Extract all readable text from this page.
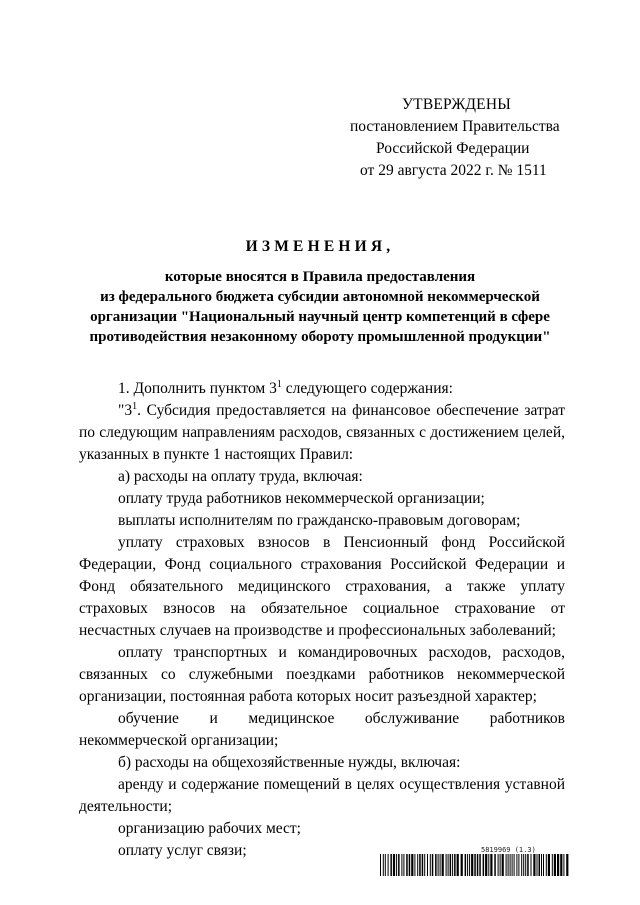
УТВЕРЖДЕНЫ
постановлением Правительства
Российской Федерации
от 29 августа 2022 г. № 1511
ИЗМЕНЕНИЯ,
которые вносятся в Правила предоставления
из федерального бюджета субсидии автономной некоммерческой
организации "Национальный научный центр компетенций в сфере
противодействия незаконному обороту промышленной продукции"

1. Дополнить пунктом $3^1$ следующего содержания:

"$3^1$. Субсидия предоставляется на финансовое обеспечение затрат по следующим направлениям расходов, связанных с достижением целей, указанных в пункте 1 настоящих Правил:

а) расходы на оплату труда, включая:

оплату труда работников некоммерческой организации;

выплаты исполнителям по гражданско-правовым договорам;

уплату страховых взносов в Пенсионный фонд Российской Федерации, Фонд социального страхования Российской Федерации и Фонд обязательного медицинского страхования, а также уплату страховых взносов на обязательное социальное страхование от несчастных случаев на производстве и профессиональных заболеваний;

оплату транспортных и командировочных расходов, расходов, связанных со служебными поездками работников некоммерческой организации, постоянная работа которых носит разъездной характер;

обучение и медицинское обслуживание работников некоммерческой организации;

б) расходы на общехозяйственные нужды, включая:

аренду и содержание помещений в целях осуществления уставной деятельности;

организацию рабочих мест;

оплату услуг связи;	5819969 (1.3)
